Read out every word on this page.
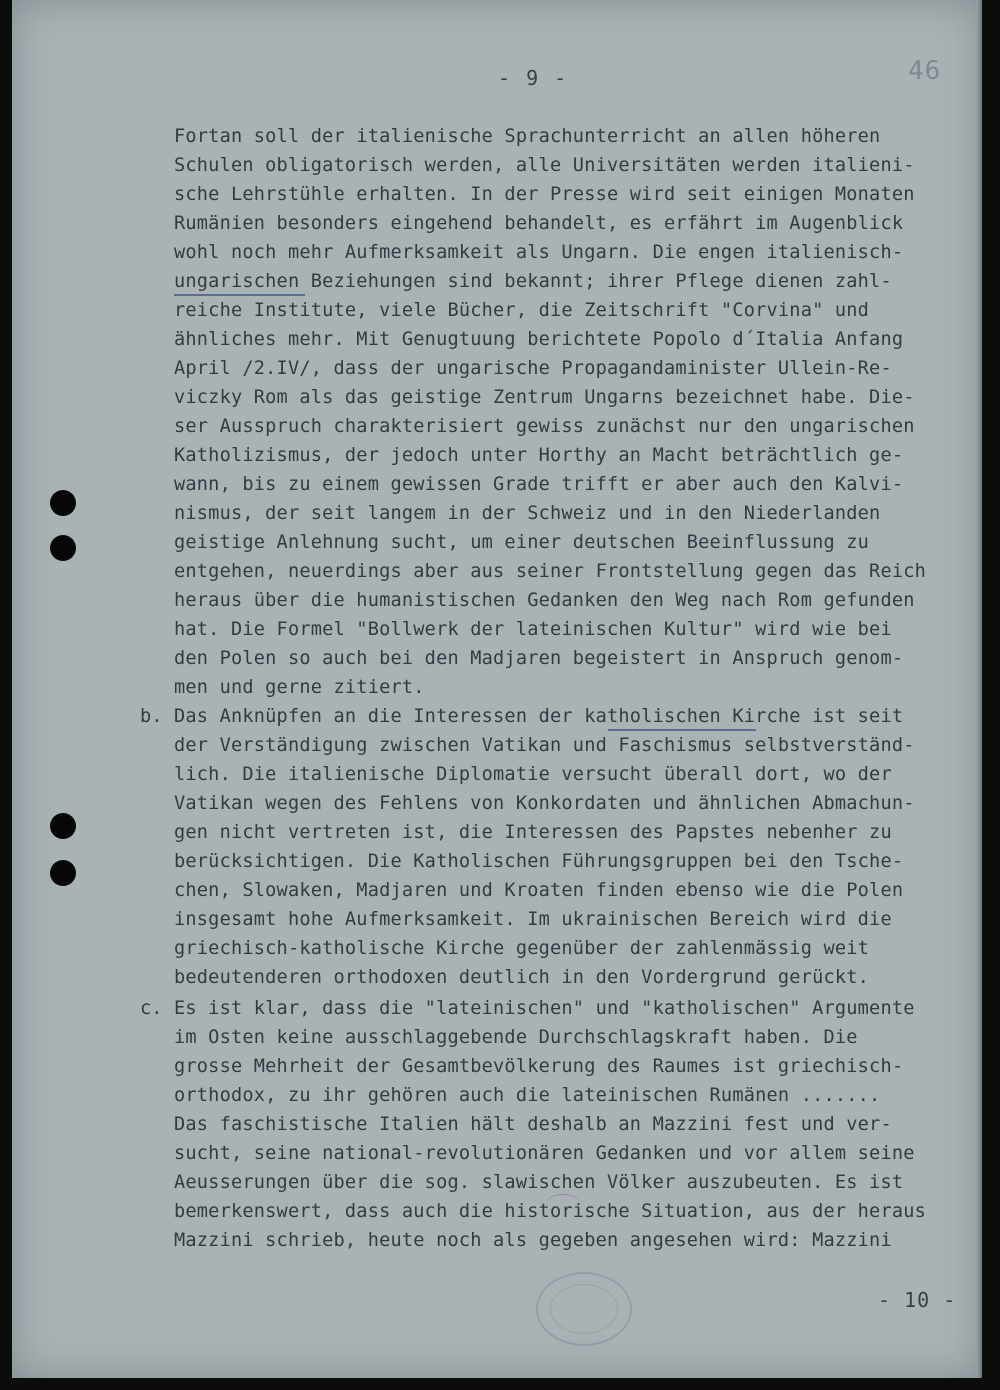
- 9 -	46
Fortan soll der italienische Sprachunterricht an allen höheren
Schulen obligatorisch werden, alle Universitäten werden italieni-
sche Lehrstühle erhalten. In der Presse wird seit einigen Monaten
Rumänien besonders eingehend behandelt, es erfährt im Augenblick
wohl noch mehr Aufmerksamkeit als Ungarn. Die engen italienisch-
ungarischen Beziehungen sind bekannt; ihrer Pflege dienen zahl-
reiche Institute, viele Bücher, die Zeitschrift "Corvina" und
ähnliches mehr. Mit Genugtuung berichtete Popolo d´Italia Anfang
April /2.IV/, dass der ungarische Propagandaminister Ullein-Re-
viczky Rom als das geistige Zentrum Ungarns bezeichnet habe. Die-
ser Ausspruch charakterisiert gewiss zunächst nur den ungarischen
Katholizismus, der jedoch unter Horthy an Macht beträchtlich ge-
wann, bis zu einem gewissen Grade trifft er aber auch den Kalvi-
nismus, der seit langem in der Schweiz und in den Niederlanden
geistige Anlehnung sucht, um einer deutschen Beeinflussung zu
entgehen, neuerdings aber aus seiner Frontstellung gegen das Reich
heraus über die humanistischen Gedanken den Weg nach Rom gefunden
hat. Die Formel "Bollwerk der lateinischen Kultur" wird wie bei
den Polen so auch bei den Madjaren begeistert in Anspruch genom-
men und gerne zitiert.
b. Das Anknüpfen an die Interessen der katholischen Kirche ist seit
der Verständigung zwischen Vatikan und Faschismus selbstverständ-
lich. Die italienische Diplomatie versucht überall dort, wo der
Vatikan wegen des Fehlens von Konkordaten und ähnlichen Abmachun-
gen nicht vertreten ist, die Interessen des Papstes nebenher zu
berücksichtigen. Die Katholischen Führungsgruppen bei den Tsche-
chen, Slowaken, Madjaren und Kroaten finden ebenso wie die Polen
insgesamt hohe Aufmerksamkeit. Im ukrainischen Bereich wird die
griechisch-katholische Kirche gegenüber der zahlenmässig weit
bedeutenderen orthodoxen deutlich in den Vordergrund gerückt.
c. Es ist klar, dass die "lateinischen" und "katholischen" Argumente
im Osten keine ausschlaggebende Durchschlagskraft haben. Die
grosse Mehrheit der Gesamtbevölkerung des Raumes ist griechisch-
orthodox, zu ihr gehören auch die lateinischen Rumänen .......
Das faschistische Italien hält deshalb an Mazzini fest und ver-
sucht, seine national-revolutionären Gedanken und vor allem seine
Aeusserungen über die sog. slawischen Völker auszubeuten. Es ist
bemerkenswert, dass auch die historische Situation, aus der heraus
Mazzini schrieb, heute noch als gegeben angesehen wird: Mazzini
- 10 -
